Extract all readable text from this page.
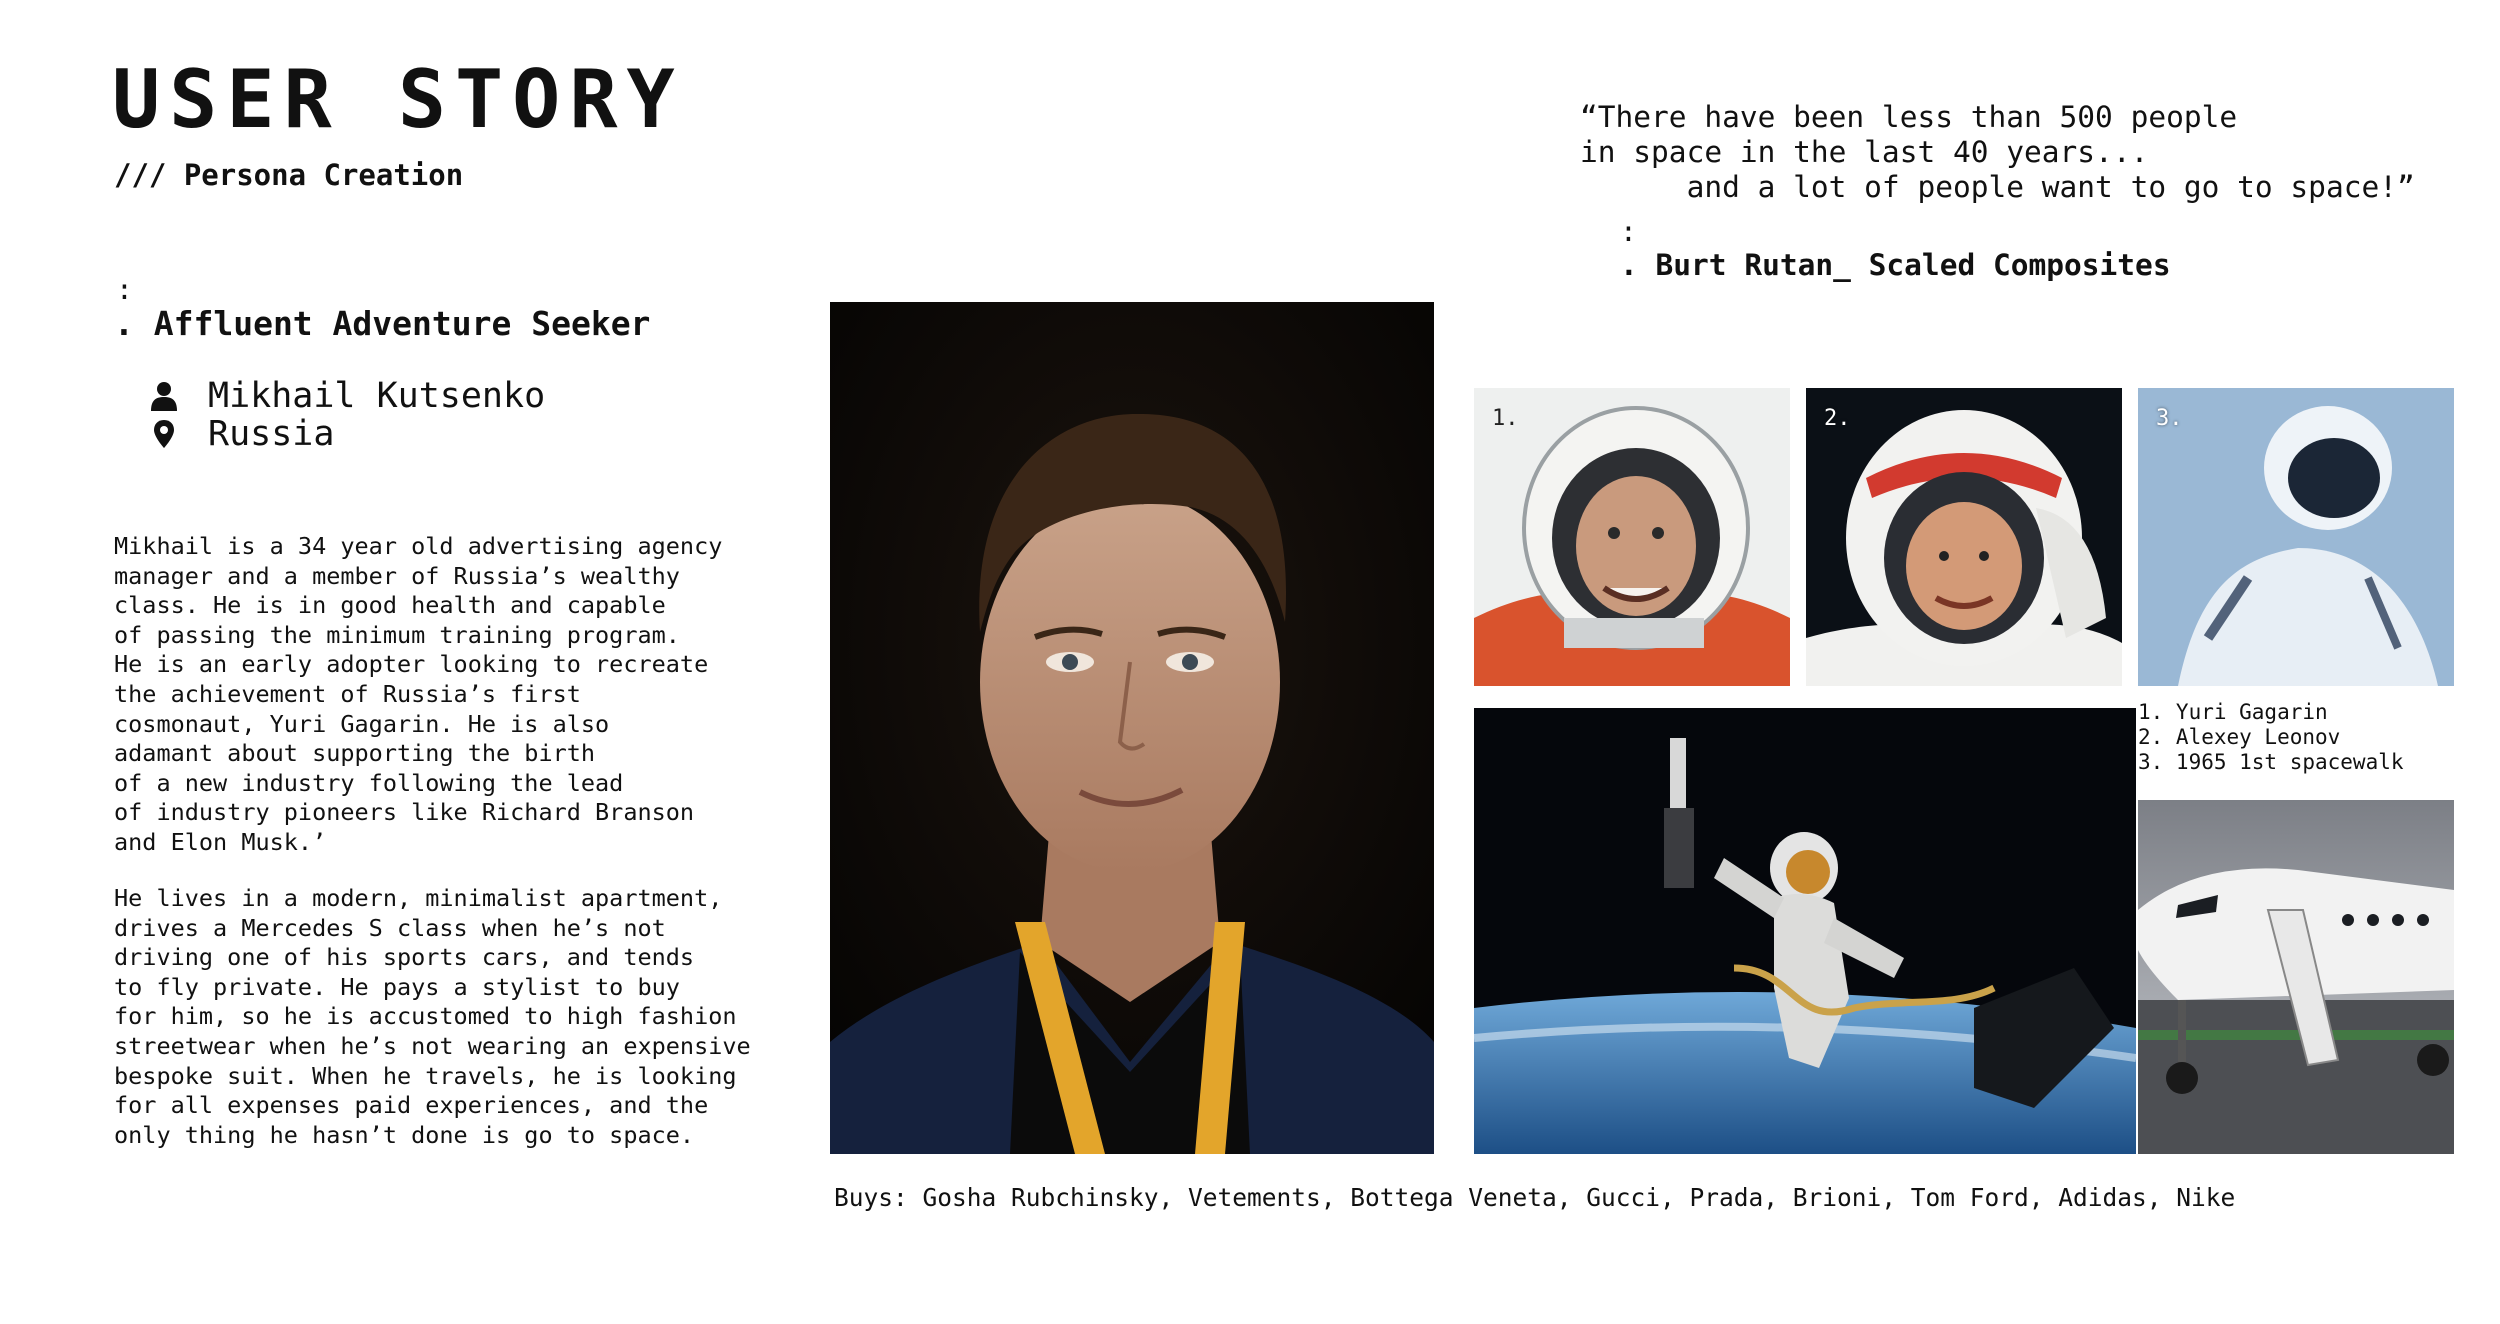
USER STORY
/// Persona Creation
:
. Affluent Adventure Seeker
Mikhail Kutsenko
Russia
Mikhail is a 34 year old advertising agency
manager and a member of Russia’s wealthy
class. He is in good health and capable
of passing the minimum training program.
He is an early adopter looking to recreate
the achievement of Russia’s first
cosmonaut, Yuri Gagarin. He is also
adamant about supporting the birth
of a new industry following the lead
of industry pioneers like Richard Branson
and Elon Musk.’
He lives in a modern, minimalist apartment,
drives a Mercedes S class when he’s not
driving one of his sports cars, and tends
to fly private. He pays a stylist to buy
for him, so he is accustomed to high fashion
streetwear when he’s not wearing an expensive
bespoke suit. When he travels, he is looking
for all expenses paid experiences, and the
only thing he hasn’t done is go to space.
“There have been less than 500 people
in space in the last 40 years...
and a lot of people want to go to space!”
:
. Burt Rutan_ Scaled Composites
1.	2.	3.
1. Yuri Gagarin
2. Alexey Leonov
3. 1965 1st spacewalk
Buys: Gosha Rubchinsky, Vetements, Bottega Veneta, Gucci, Prada, Brioni, Tom Ford, Adidas, Nike
